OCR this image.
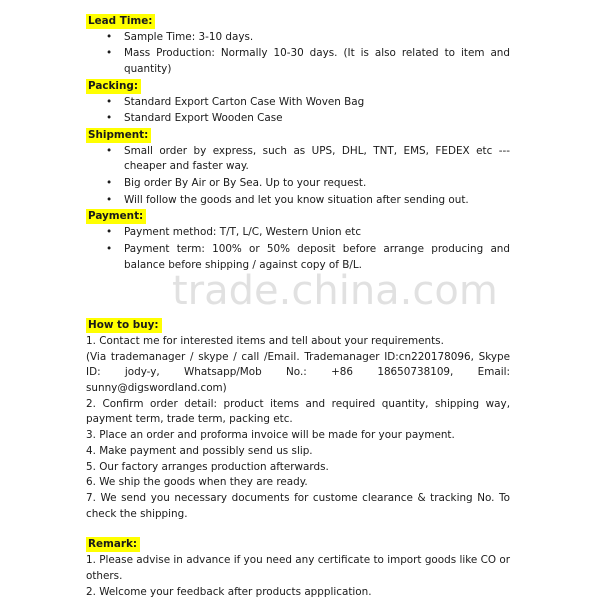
Lead Time:
• Sample Time: 3-10 days.
• Mass Production: Normally 10-30 days. (It is also related to item and quantity)
Packing:
• Standard Export Carton Case With Woven Bag
• Standard Export Wooden Case
Shipment:
• Small order by express, such as UPS, DHL, TNT, EMS, FEDEX etc --- cheaper and faster way.
• Big order By Air or By Sea. Up to your request.
• Will follow the goods and let you know situation after sending out.
Payment:
• Payment method: T/T, L/C, Western Union etc
• Payment term: 100% or 50% deposit before arrange producing and balance before shipping / against copy of B/L.
How to buy:

1. Contact me for interested items and tell about your requirements.

(Via trademanager / skype / call /Email. Trademanager ID:cn220178096, Skype ID: jody-y, Whatsapp/Mob No.: +86 18650738109, Email: sunny@digswordland.com)

2. Confirm order detail: product items and required quantity, shipping way, payment term, trade term, packing etc.

3. Place an order and proforma invoice will be made for your payment.

4. Make payment and possibly send us slip.

5. Our factory arranges production afterwards.

6. We ship the goods when they are ready.

7. We send you necessary documents for custome clearance & tracking No. To check the shipping.

Remark:

1. Please advise in advance if you need any certificate to import goods like CO or others.

2. Welcome your feedback after products appplication.

trade.china.com
